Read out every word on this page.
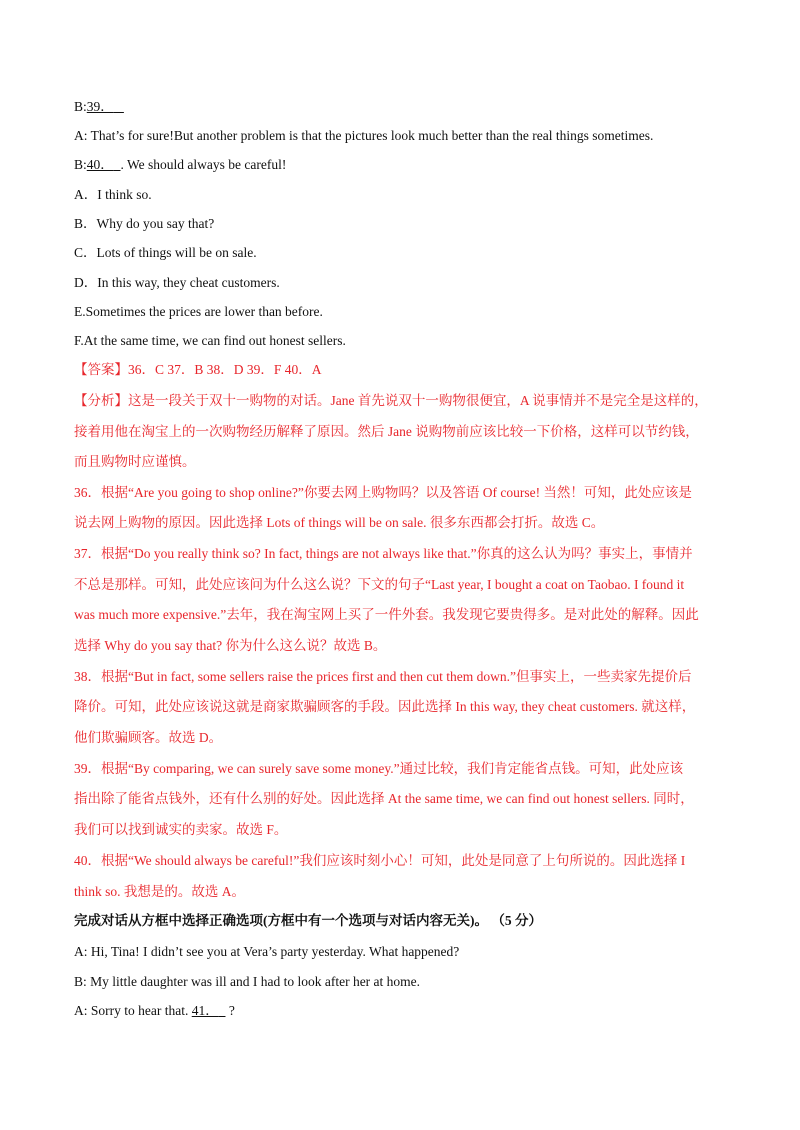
B:39．
A: That’s for sure!But another problem is that the pictures look much better than the real things sometimes.
B:40． . We should always be careful!
A．I think so.
B．Why do you say that?
C．Lots of things will be on sale.
D．In this way, they cheat customers.
E.Sometimes the prices are lower than before.
F.At the same time, we can find out honest sellers.
【答案】36．C 37．B 38．D 39．F 40．A
【分析】这是一段关于双十一购物的对话。Jane 首先说双十一购物很便宜，A 说事情并不是完全是这样的，
接着用他在淘宝上的一次购物经历解释了原因。然后 Jane 说购物前应该比较一下价格，这样可以节约钱，
而且购物时应谨慎。
36．根据“Are you going to shop online?”你要去网上购物吗？以及答语 Of course! 当然！可知，此处应该是
说去网上购物的原因。因此选择 Lots of things will be on sale. 很多东西都会打折。故选 C。
37．根据“Do you really think so? In fact, things are not always like that.”你真的这么认为吗？事实上，事情并
不总是那样。可知，此处应该问为什么这么说？下文的句子“Last year, I bought a coat on Taobao. I found it
was much more expensive.”去年，我在淘宝网上买了一件外套。我发现它要贵得多。是对此处的解释。因此
选择 Why do you say that? 你为什么这么说？故选 B。
38．根据“But in fact, some sellers raise the prices first and then cut them down.”但事实上，一些卖家先提价后
降价。可知，此处应该说这就是商家欺骗顾客的手段。因此选择 In this way, they cheat customers. 就这样，
他们欺骗顾客。故选 D。
39．根据“By comparing, we can surely save some money.”通过比较，我们肯定能省点钱。可知，此处应该
指出除了能省点钱外，还有什么别的好处。因此选择 At the same time, we can find out honest sellers. 同时，
我们可以找到诚实的卖家。故选 F。
40．根据“We should always be careful!”我们应该时刻小心！可知，此处是同意了上句所说的。因此选择 I
think so. 我想是的。故选 A。
完成对话从方框中选择正确选项(方框中有一个选项与对话内容无关)。 （5 分）
A: Hi, Tina! I didn’t see you at Vera’s party yesterday. What happened?
B: My little daughter was ill and I had to look after her at home.
A: Sorry to hear that. 41．   ?
